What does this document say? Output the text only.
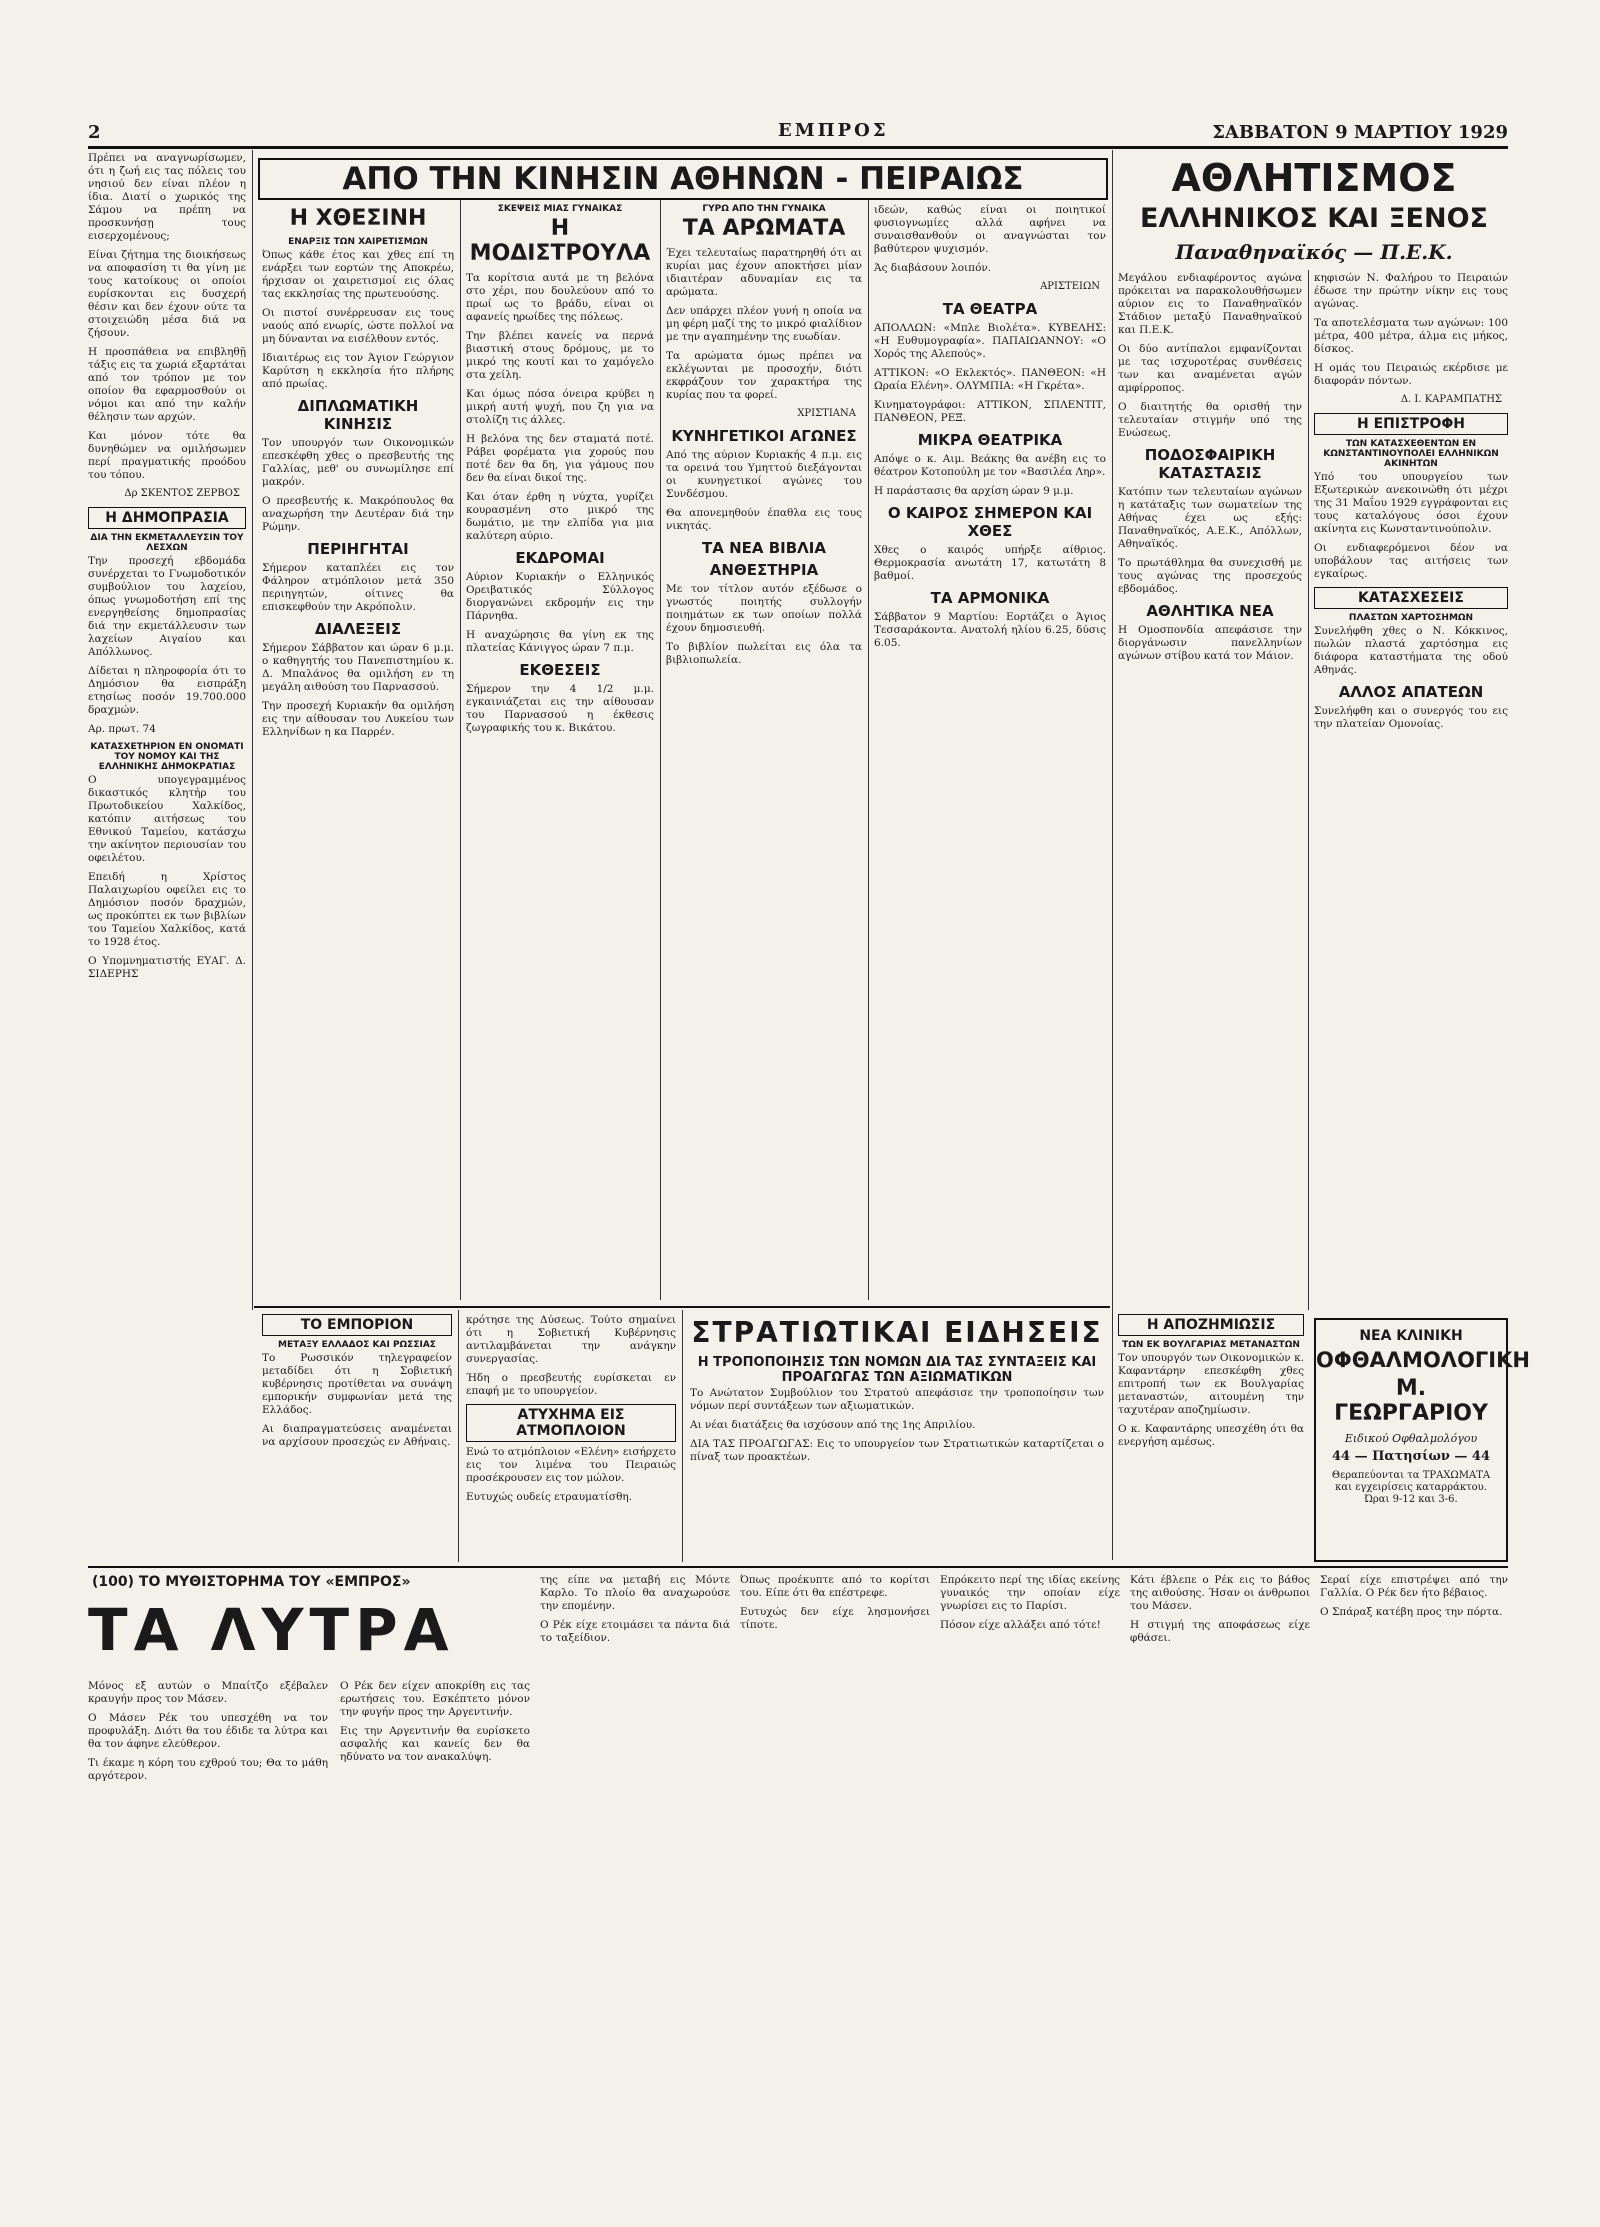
2	ΕΜΠΡΟΣ	ΣΑΒΒΑΤΟΝ 9 ΜΑΡΤΙΟΥ 1929
ΑΠΟ ΤΗΝ ΚΙΝΗΣΙΝ ΑΘΗΝΩΝ - ΠΕΙΡΑΙΩΣ	ΑΘΛΗΤΙΣΜΟΣ
ΕΛΛΗΝΙΚΟΣ ΚΑΙ ΞΕΝΟΣ
Παναθηναϊκός — Π.Ε.Κ.

Πρέπει να αναγνωρίσωμεν, ότι η ζωή εις τας πόλεις του νησιού δεν είναι πλέον η ίδια. Διατί ο χωρικός της Σάμου να πρέπη να προσκυνήσῃ τους εισερχομένους;

Είναι ζήτημα της διοικήσεως να αποφασίση τι θα γίνη με τους κατοίκους οι οποίοι ευρίσκονται εις δυσχερή θέσιν και δεν έχουν ούτε τα στοιχειώδη μέσα διά να ζήσουν.

Η προσπάθεια να επιβληθῇ τάξις εις τα χωριά εξαρτάται από τον τρόπον με τον οποίον θα εφαρμοσθούν οι νόμοι και από την καλήν θέλησιν των αρχών.

Και μόνον τότε θα δυνηθώμεν να ομιλήσωμεν περί πραγματικής προόδου του τόπου.

Δρ ΣΚΕΝΤΟΣ ΖΕΡΒΟΣ
Η ΔΗΜΟΠΡΑΣΙΑ
ΔΙΑ ΤΗΝ ΕΚΜΕΤΑΛΛΕΥΣΙΝ ΤΟΥ ΛΕΣΧΩΝ

Την προσεχή εβδομάδα συνέρχεται το Γνωμοδοτικόν συμβούλιον του λαχείου, όπως γνωμοδοτήση επί της ενεργηθείσης δημοπρασίας διά την εκμετάλλευσιν των λαχείων Αιγαίου και Απόλλωνος.

Δίδεται η πληροφορία ότι το Δημόσιον θα εισπράξη ετησίως ποσόν 19.700.000 δραχμών.

Αρ. πρωτ. 74

ΚΑΤΑΣΧΕΤΗΡΙΟΝ ΕΝ ΟΝΟΜΑΤΙ ΤΟΥ ΝΟΜΟΥ ΚΑΙ ΤΗΣ ΕΛΛΗΝΙΚΗΣ ΔΗΜΟΚΡΑΤΙΑΣ

Ο υπογεγραμμένος δικαστικός κλητήρ του Πρωτοδικείου Χαλκίδος, κατόπιν αιτήσεως του Εθνικού Ταμείου, κατάσχω την ακίνητον περιουσίαν του οφειλέτου.

Επειδή η Χρίστος Παλαιχωρίου οφείλει εις το Δημόσιον ποσόν δραχμών, ως προκύπτει εκ των βιβλίων του Ταμείου Χαλκίδος, κατά το 1928 έτος.

Ο Υπομνηματιστής ΕΥΑΓ. Δ. ΣΙΔΕΡΗΣ

Η ΧΘΕΣΙΝΗ
ΕΝΑΡΞΙΣ ΤΩΝ ΧΑΙΡΕΤΙΣΜΩΝ

Όπως κάθε έτος και χθες επί τη ενάρξει των εορτών της Αποκρέω, ήρχισαν οι χαιρετισμοί εις όλας τας εκκλησίας της πρωτευούσης.

Οι πιστοί συνέρρευσαν εις τους ναούς από ενωρίς, ώστε πολλοί να μη δύνανται να εισέλθουν εντός.

Ιδιαιτέρως εις τον Άγιον Γεώργιον Καρύτση η εκκλησία ήτο πλήρης από πρωίας.

ΔΙΠΛΩΜΑΤΙΚΗ ΚΙΝΗΣΙΣ

Τον υπουργόν των Οικονομικών επεσκέφθη χθες ο πρεσβευτής της Γαλλίας, μεθ' ου συνωμίλησε επί μακρόν.

Ο πρεσβευτής κ. Μακρόπουλος θα αναχωρήση την Δευτέραν διά την Ρώμην.

ΠΕΡΙΗΓΗΤΑΙ

Σήμερον καταπλέει εις τον Φάληρον ατμόπλοιον μετά 350 περιηγητών, οίτινες θα επισκεφθούν την Ακρόπολιν.

ΔΙΑΛΕΞΕΙΣ

Σήμερον Σάββατον και ώραν 6 μ.μ. ο καθηγητής του Πανεπιστημίου κ. Δ. Μπαλάνος θα ομιλήση εν τη μεγάλη αιθούση του Παρνασσού.

Την προσεχή Κυριακήν θα ομιλήση εις την αίθουσαν του Λυκείου των Ελληνίδων η κα Παρρέν.

ΣΚΕΨΕΙΣ ΜΙΑΣ ΓΥΝΑΙΚΑΣ
Η ΜΟΔΙΣΤΡΟΥΛΑ

Τα κορίτσια αυτά με τη βελόνα στο χέρι, που δουλεύουν από το πρωί ως το βράδυ, είναι οι αφανείς ηρωίδες της πόλεως.

Την βλέπει κανείς να περνά βιαστική στους δρόμους, με το μικρό της κουτί και το χαμόγελο στα χείλη.

Και όμως πόσα όνειρα κρύβει η μικρή αυτή ψυχή, που ζη για να στολίζη τις άλλες.

Η βελόνα της δεν σταματά ποτέ. Ράβει φορέματα για χορούς που ποτέ δεν θα δη, για γάμους που δεν θα είναι δικοί της.

Και όταν έρθη η νύχτα, γυρίζει κουρασμένη στο μικρό της δωμάτιο, με την ελπίδα για μια καλύτερη αύριο.

ΕΚΔΡΟΜΑΙ

Αύριον Κυριακήν ο Ελληνικός Ορειβατικός Σύλλογος διοργανώνει εκδρομήν εις την Πάρνηθα.

Η αναχώρησις θα γίνη εκ της πλατείας Κάνιγγος ώραν 7 π.μ.

ΕΚΘΕΣΕΙΣ

Σήμερον την 4 1/2 μ.μ. εγκαινιάζεται εις την αίθουσαν του Παρνασσού η έκθεσις ζωγραφικής του κ. Βικάτου.

ΓΥΡΩ ΑΠΟ ΤΗΝ ΓΥΝΑΙΚΑ
ΤΑ ΑΡΩΜΑΤΑ

Έχει τελευταίως παρατηρηθή ότι αι κυρίαι μας έχουν αποκτήσει μίαν ιδιαιτέραν αδυναμίαν εις τα αρώματα.

Δεν υπάρχει πλέον γυνή η οποία να μη φέρη μαζί της το μικρό φιαλίδιον με την αγαπημένην της ευωδίαν.

Τα αρώματα όμως πρέπει να εκλέγωνται με προσοχήν, διότι εκφράζουν τον χαρακτήρα της κυρίας που τα φορεί.

ΧΡΙΣΤΙΑΝΑ
ΚΥΝΗΓΕΤΙΚΟΙ ΑΓΩΝΕΣ

Από της αύριον Κυριακής 4 π.μ. εις τα ορεινά του Υμηττού διεξάγονται οι κυνηγετικοί αγώνες του Συνδέσμου.

Θα απονεμηθούν έπαθλα εις τους νικητάς.

ΤΑ ΝΕΑ ΒΙΒΛΙΑ
ΑΝΘΕΣΤΗΡΙΑ

Με τον τίτλον αυτόν εξέδωσε ο γνωστός ποιητής συλλογήν ποιημάτων εκ των οποίων πολλά έχουν δημοσιευθή.

Το βιβλίον πωλείται εις όλα τα βιβλιοπωλεία.

ιδεών, καθώς είναι οι ποιητικοί φυσιογνωμίες αλλά αφήνει να συναισθανθούν οι αναγνώσται τον βαθύτερον ψυχισμόν.

Άς διαβάσουν λοιπόν.

ΑΡΙΣΤΕΙΩΝ
ΤΑ ΘΕΑΤΡΑ

ΑΠΟΛΛΩΝ: «Μπλε Βιολέτα». ΚΥΒΕΛΗΣ: «Η Ευθυμογραφία». ΠΑΠΑΙΩΑΝΝΟΥ: «Ο Χορός της Αλεπούς».

ΑΤΤΙΚΟΝ: «Ο Εκλεκτός». ΠΑΝΘΕΟΝ: «Η Ωραία Ελένη». ΟΛΥΜΠΙΑ: «Η Γκρέτα».

Κινηματογράφοι: ΑΤΤΙΚΟΝ, ΣΠΛΕΝΤΙΤ, ΠΑΝΘΕΟΝ, ΡΕΞ.

ΜΙΚΡΑ ΘΕΑΤΡΙΚΑ

Απόψε ο κ. Αιμ. Βεάκης θα ανέβη εις το θέατρον Κοτοπούλη με τον «Βασιλέα Ληρ».

Η παράστασις θα αρχίση ώραν 9 μ.μ.

Ο ΚΑΙΡΟΣ ΣΗΜΕΡΟΝ ΚΑΙ ΧΘΕΣ

Χθες ο καιρός υπήρξε αίθριος. Θερμοκρασία ανωτάτη 17, κατωτάτη 8 βαθμοί.

ΤΑ ΑΡΜΟΝΙΚΑ

Σάββατον 9 Μαρτίου: Εορτάζει ο Άγιος Τεσσαράκοντα. Ανατολή ηλίου 6.25, δύσις 6.05.

Μεγάλου ενδιαφέροντος αγώνα πρόκειται να παρακολουθήσωμεν αύριον εις το Παναθηναϊκόν Στάδιον μεταξύ Παναθηναϊκού και Π.Ε.Κ.

Οι δύο αντίπαλοι εμφανίζονται με τας ισχυροτέρας συνθέσεις των και αναμένεται αγών αμφίρροπος.

Ο διαιτητής θα ορισθή την τελευταίαν στιγμήν υπό της Ενώσεως.

ΠΟΔΟΣΦΑΙΡΙΚΗ ΚΑΤΑΣΤΑΣΙΣ

Κατόπιν των τελευταίων αγώνων η κατάταξις των σωματείων της Αθήνας έχει ως εξής: Παναθηναϊκός, Α.Ε.Κ., Απόλλων, Αθηναϊκός.

Το πρωτάθλημα θα συνεχισθή με τους αγώνας της προσεχούς εβδομάδος.

ΑΘΛΗΤΙΚΑ ΝΕΑ

Η Ομοσπονδία απεφάσισε την διοργάνωσιν πανελληνίων αγώνων στίβου κατά τον Μάιον.

κηφισών Ν. Φαλήρου το Πειραιών έδωσε την πρώτην νίκην εις τους αγώνας.

Τα αποτελέσματα των αγώνων: 100 μέτρα, 400 μέτρα, άλμα εις μήκος, δίσκος.

Η ομάς του Πειραιώς εκέρδισε με διαφοράν πόντων.

Δ. Ι. ΚΑΡΑΜΠΑΤΗΣ
Η ΕΠΙΣΤΡΟΦΗ
ΤΩΝ ΚΑΤΑΣΧΕΘΕΝΤΩΝ ΕΝ ΚΩΝΣΤΑΝΤΙΝΟΥΠΟΛΕΙ ΕΛΛΗΝΙΚΩΝ ΑΚΙΝΗΤΩΝ

Υπό του υπουργείου των Εξωτερικών ανεκοινώθη ότι μέχρι της 31 Μαΐου 1929 εγγράφονται εις τους καταλόγους όσοι έχουν ακίνητα εις Κωνσταντινούπολιν.

Οι ενδιαφερόμενοι δέον να υποβάλουν τας αιτήσεις των εγκαίρως.

ΚΑΤΑΣΧΕΣΕΙΣ
ΠΛΑΣΤΩΝ ΧΑΡΤΟΣΗΜΩΝ

Συνελήφθη χθες ο Ν. Κόκκινος, πωλών πλαστά χαρτόσημα εις διάφορα καταστήματα της οδού Αθηνάς.

ΑΛΛΟΣ ΑΠΑΤΕΩΝ

Συνελήφθη και ο συνεργός του εις την πλατείαν Ομονοίας.

ΤΟ ΕΜΠΟΡΙΟΝ
ΜΕΤΑΞΥ ΕΛΛΑΔΟΣ ΚΑΙ ΡΩΣΣΙΑΣ

Το Ρωσσικόν τηλεγραφείον μεταδίδει ότι η Σοβιετική κυβέρνησις προτίθεται να συνάψη εμπορικήν συμφωνίαν μετά της Ελλάδος.

Αι διαπραγματεύσεις αναμένεται να αρχίσουν προσεχώς εν Αθήναις.

κρότησε της Δύσεως. Τούτο σημαίνει ότι η Σοβιετική Κυβέρνησις αντιλαμβάνεται την ανάγκην συνεργασίας.

Ήδη ο πρεσβευτής ευρίσκεται εν επαφή με το υπουργείον.

ΑΤΥΧΗΜΑ ΕΙΣ ΑΤΜΟΠΛΟΙΟΝ

Ενώ το ατμόπλοιον «Ελένη» εισήρχετο εις τον λιμένα του Πειραιώς προσέκρουσεν εις τον μώλον.

Ευτυχώς ουδείς ετραυματίσθη.

ΣΤΡΑΤΙΩΤΙΚΑΙ ΕΙΔΗΣΕΙΣ
Η ΤΡΟΠΟΠΟΙΗΣΙΣ ΤΩΝ ΝΟΜΩΝ ΔΙΑ ΤΑΣ ΣΥΝΤΑΞΕΙΣ ΚΑΙ ΠΡΟΑΓΩΓΑΣ ΤΩΝ ΑΞΙΩΜΑΤΙΚΩΝ

Το Ανώτατον Συμβούλιον του Στρατού απεφάσισε την τροποποίησιν των νόμων περί συντάξεων των αξιωματικών.

Αι νέαι διατάξεις θα ισχύσουν από της 1ης Απριλίου.

ΔΙΑ ΤΑΣ ΠΡΟΑΓΩΓΑΣ: Εις το υπουργείον των Στρατιωτικών καταρτίζεται ο πίναξ των προακτέων.

Η ΑΠΟΖΗΜΙΩΣΙΣ
ΤΩΝ ΕΚ ΒΟΥΛΓΑΡΙΑΣ ΜΕΤΑΝΑΣΤΩΝ

Τον υπουργόν των Οικονομικών κ. Καφαντάρην επεσκέφθη χθες επιτροπή των εκ Βουλγαρίας μεταναστών, αιτουμένη την ταχυτέραν αποζημίωσιν.

Ο κ. Καφαντάρης υπεσχέθη ότι θα ενεργήση αμέσως.

ΝΕΑ ΚΛΙΝΙΚΗ
ΟΦΘΑΛΜΟΛΟΓΙΚΗ
Μ. ΓΕΩΡΓΑΡΙΟΥ
Ειδικού Οφθαλμολόγου
44 — Πατησίων — 44
Θεραπεύονται τα ΤΡΑΧΩΜΑΤΑ και εγχειρίσεις καταρράκτου. Ώραι 9-12 και 3-6.
(100) ΤΟ ΜΥΘΙΣΤΟΡΗΜΑ ΤΟΥ «ΕΜΠΡΟΣ»
ΤΑ ΛΥΤΡΑ

Μόνος εξ αυτών ο Μπαίτζο εξέβαλεν κραυγήν προς τον Μάσεν.

Ο Μάσεν Ρέκ του υπεσχέθη να τον προφυλάξη. Διότι θα του έδιδε τα λύτρα και θα τον άφηνε ελεύθερον.

Τι έκαμε η κόρη του εχθρού του; Θα το μάθη αργότερον.

Ο Ρέκ δεν είχεν αποκρίθη εις τας ερωτήσεις του. Εσκέπτετο μόνον την φυγήν προς την Αργεντινήν.

Εις την Αργεντινήν θα ευρίσκετο ασφαλής και κανείς δεν θα ηδύνατο να τον ανακαλύψη.

της είπε να μεταβή εις Μόντε Καρλο. Το πλοίο θα αναχωρούσε την επομένην.

Ο Ρέκ είχε ετοιμάσει τα πάντα διά το ταξείδιον.

Όπως προέκυπτε από το κορίτσι του. Είπε ότι θα επέστρεφε.

Ευτυχώς δεν είχε λησμονήσει τίποτε.

Επρόκειτο περί της ιδίας εκείνης γυναικός την οποίαν είχε γνωρίσει εις το Παρίσι.

Πόσον είχε αλλάξει από τότε!

Κάτι έβλεπε ο Ρέκ εις το βάθος της αιθούσης. Ήσαν οι άνθρωποι του Μάσεν.

Η στιγμή της αποφάσεως είχε φθάσει.

Σεραί είχε επιστρέψει από την Γαλλία. Ο Ρέκ δεν ήτο βέβαιος.

Ο Σπάραξ κατέβη προς την πόρτα.
